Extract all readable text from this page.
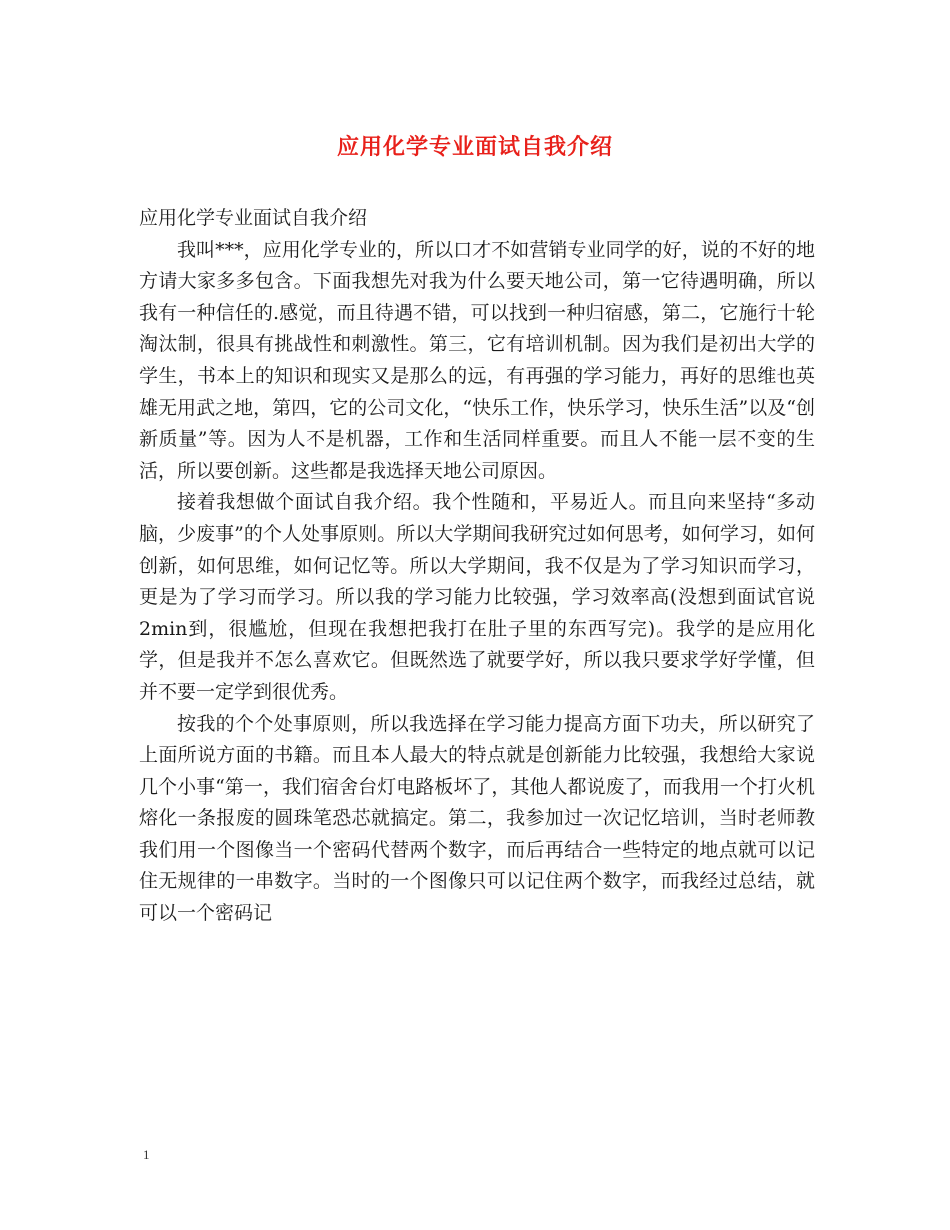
应用化学专业面试自我介绍

应用化学专业面试自我介绍

我叫***，应用化学专业的，所以口才不如营销专业同学的好，说的不好的地方请大家多多包含。下面我想先对我为什么要天地公司，第一它待遇明确，所以我有一种信任的.感觉，而且待遇不错，可以找到一种归宿感，第二，它施行十轮淘汰制，很具有挑战性和刺激性。第三，它有培训机制。因为我们是初出大学的学生，书本上的知识和现实又是那么的远，有再强的学习能力，再好的思维也英雄无用武之地，第四，它的公司文化，“快乐工作，快乐学习，快乐生活”以及“创新质量”等。因为人不是机器，工作和生活同样重要。而且人不能一层不变的生活，所以要创新。这些都是我选择天地公司原因。

接着我想做个面试自我介绍。我个性随和，平易近人。而且向来坚持“多动脑，少废事”的个人处事原则。所以大学期间我研究过如何思考，如何学习，如何创新，如何思维，如何记忆等。所以大学期间，我不仅是为了学习知识而学习，更是为了学习而学习。所以我的学习能力比较强，学习效率高(没想到面试官说2min到，很尴尬，但现在我想把我打在肚子里的东西写完)。我学的是应用化学，但是我并不怎么喜欢它。但既然选了就要学好，所以我只要求学好学懂，但并不要一定学到很优秀。

按我的个个处事原则，所以我选择在学习能力提高方面下功夫，所以研究了上面所说方面的书籍。而且本人最大的特点就是创新能力比较强，我想给大家说几个小事“第一，我们宿舍台灯电路板坏了，其他人都说废了，而我用一个打火机熔化一条报废的圆珠笔恐芯就搞定。第二，我参加过一次记忆培训，当时老师教我们用一个图像当一个密码代替两个数字，而后再结合一些特定的地点就可以记住无规律的一串数字。当时的一个图像只可以记住两个数字，而我经过总结，就可以一个密码记

1
